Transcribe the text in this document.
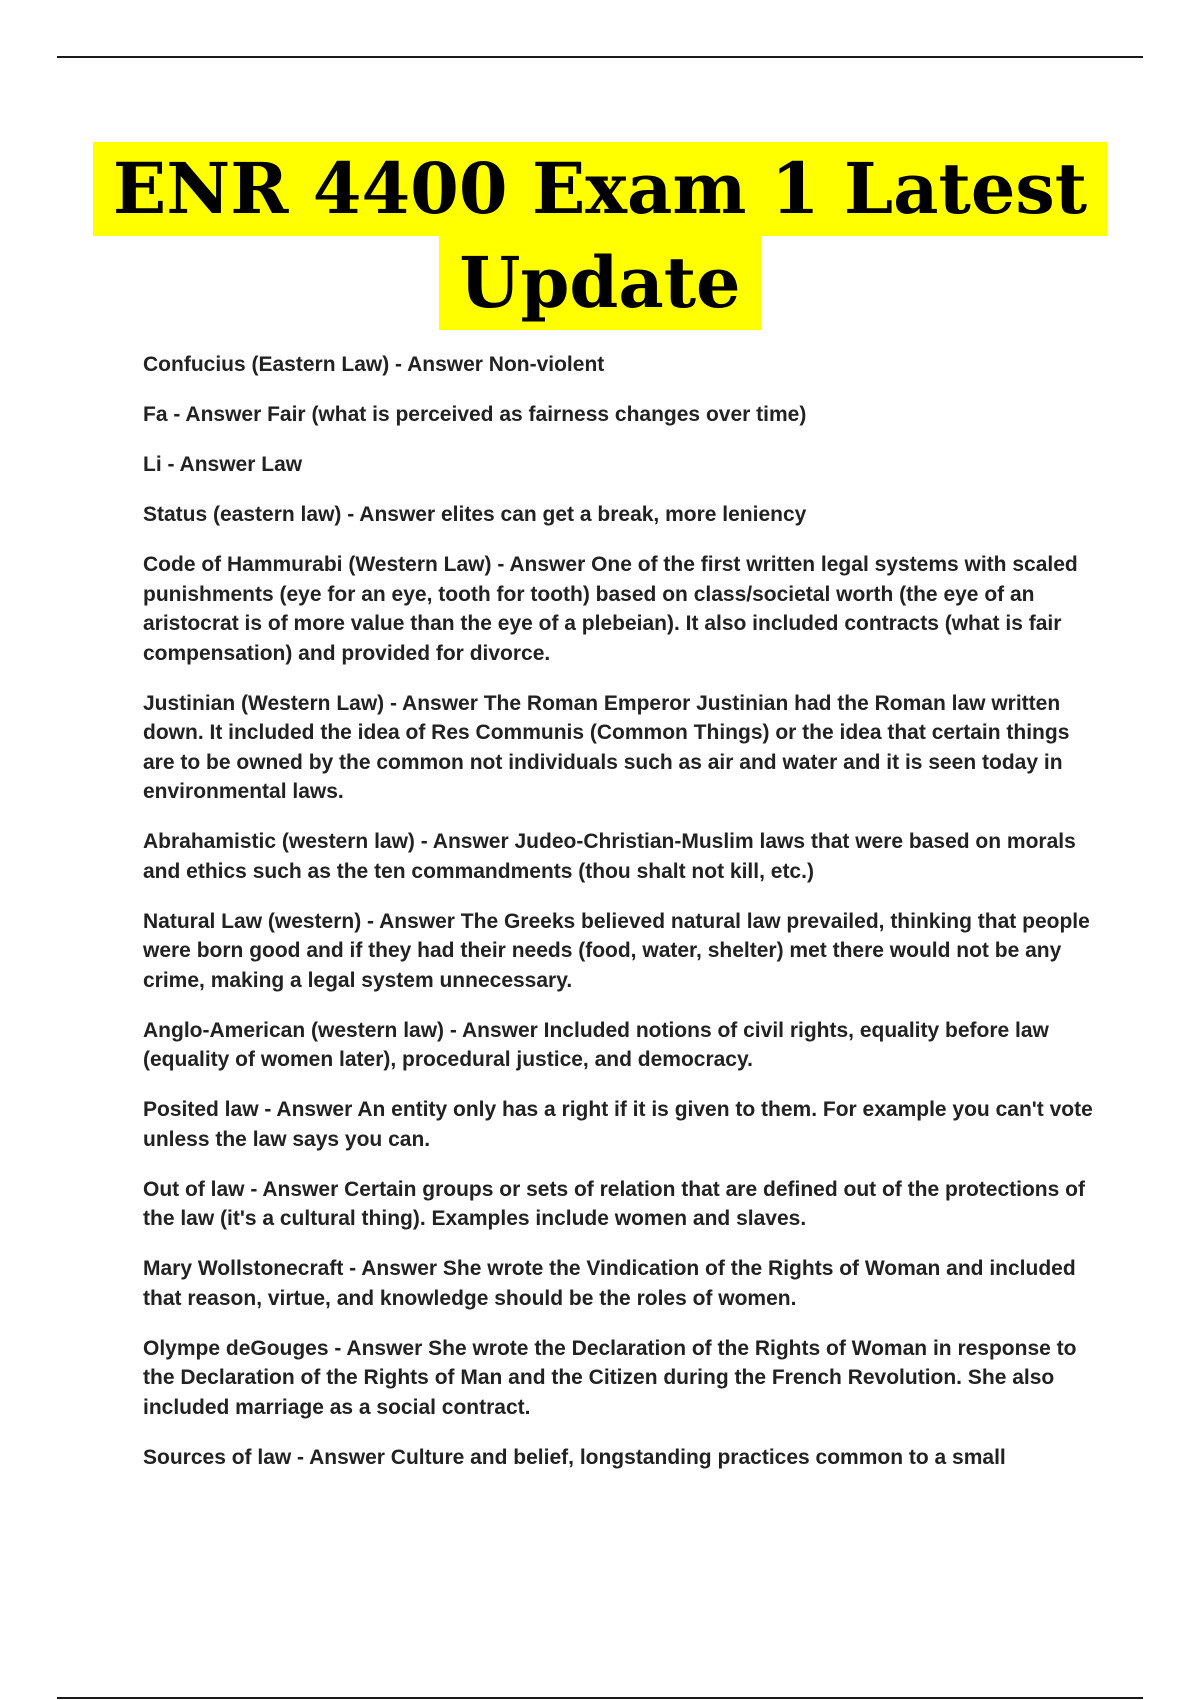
ENR 4400 Exam 1 Latest
Update

Confucius (Eastern Law) - Answer Non-violent

Fa - Answer Fair (what is perceived as fairness changes over time)

Li - Answer Law

Status (eastern law) - Answer elites can get a break, more leniency

Code of Hammurabi (Western Law) - Answer One of the first written legal systems with scaled punishments (eye for an eye, tooth for tooth) based on class/societal worth (the eye of an aristocrat is of more value than the eye of a plebeian). It also included contracts (what is fair compensation) and provided for divorce.

Justinian (Western Law) - Answer The Roman Emperor Justinian had the Roman law written down. It included the idea of Res Communis (Common Things) or the idea that certain things are to be owned by the common not individuals such as air and water and it is seen today in environmental laws.

Abrahamistic (western law) - Answer Judeo-Christian-Muslim laws that were based on morals and ethics such as the ten commandments (thou shalt not kill, etc.)

Natural Law (western) - Answer The Greeks believed natural law prevailed, thinking that people were born good and if they had their needs (food, water, shelter) met there would not be any crime, making a legal system unnecessary.

Anglo-American (western law) - Answer Included notions of civil rights, equality before law (equality of women later), procedural justice, and democracy.

Posited law - Answer An entity only has a right if it is given to them. For example you can't vote unless the law says you can.

Out of law - Answer Certain groups or sets of relation that are defined out of the protections of the law (it's a cultural thing). Examples include women and slaves.

Mary Wollstonecraft - Answer She wrote the Vindication of the Rights of Woman and included that reason, virtue, and knowledge should be the roles of women.

Olympe deGouges - Answer She wrote the Declaration of the Rights of Woman in response to the Declaration of the Rights of Man and the Citizen during the French Revolution. She also included marriage as a social contract.

Sources of law - Answer Culture and belief, longstanding practices common to a small
